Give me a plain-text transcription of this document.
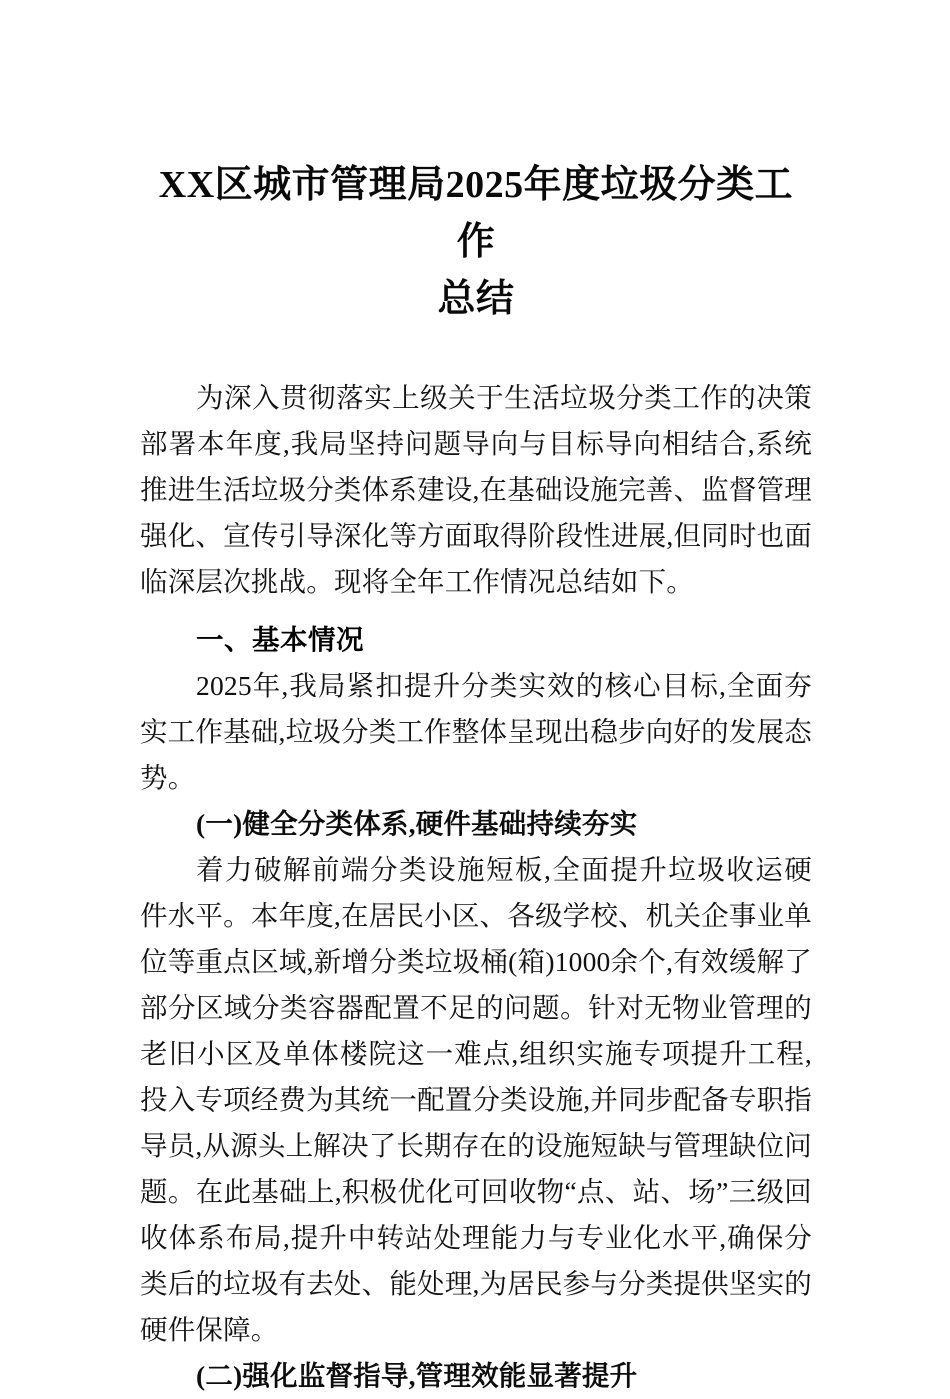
XX区城市管理局2025年度垃圾分类工作
总结

为深入贯彻落实上级关于生活垃圾分类工作的决策部署本年度,我局坚持问题导向与目标导向相结合,系统推进生活垃圾分类体系建设,在基础设施完善、监督管理强化、宣传引导深化等方面取得阶段性进展,但同时也面临深层次挑战。现将全年工作情况总结如下。

一、基本情况

2025年,我局紧扣提升分类实效的核心目标,全面夯实工作基础,垃圾分类工作整体呈现出稳步向好的发展态势。

(一)健全分类体系,硬件基础持续夯实

着力破解前端分类设施短板,全面提升垃圾收运硬件水平。本年度,在居民小区、各级学校、机关企事业单位等重点区域,新增分类垃圾桶(箱)1000余个,有效缓解了部分区域分类容器配置不足的问题。针对无物业管理的老旧小区及单体楼院这一难点,组织实施专项提升工程,投入专项经费为其统一配置分类设施,并同步配备专职指导员,从源头上解决了长期存在的设施短缺与管理缺位问题。在此基础上,积极优化可回收物“点、站、场”三级回收体系布局,提升中转站处理能力与专业化水平,确保分类后的垃圾有去处、能处理,为居民参与分类提供坚实的硬件保障。

(二)强化监督指导,管理效能显著提升
